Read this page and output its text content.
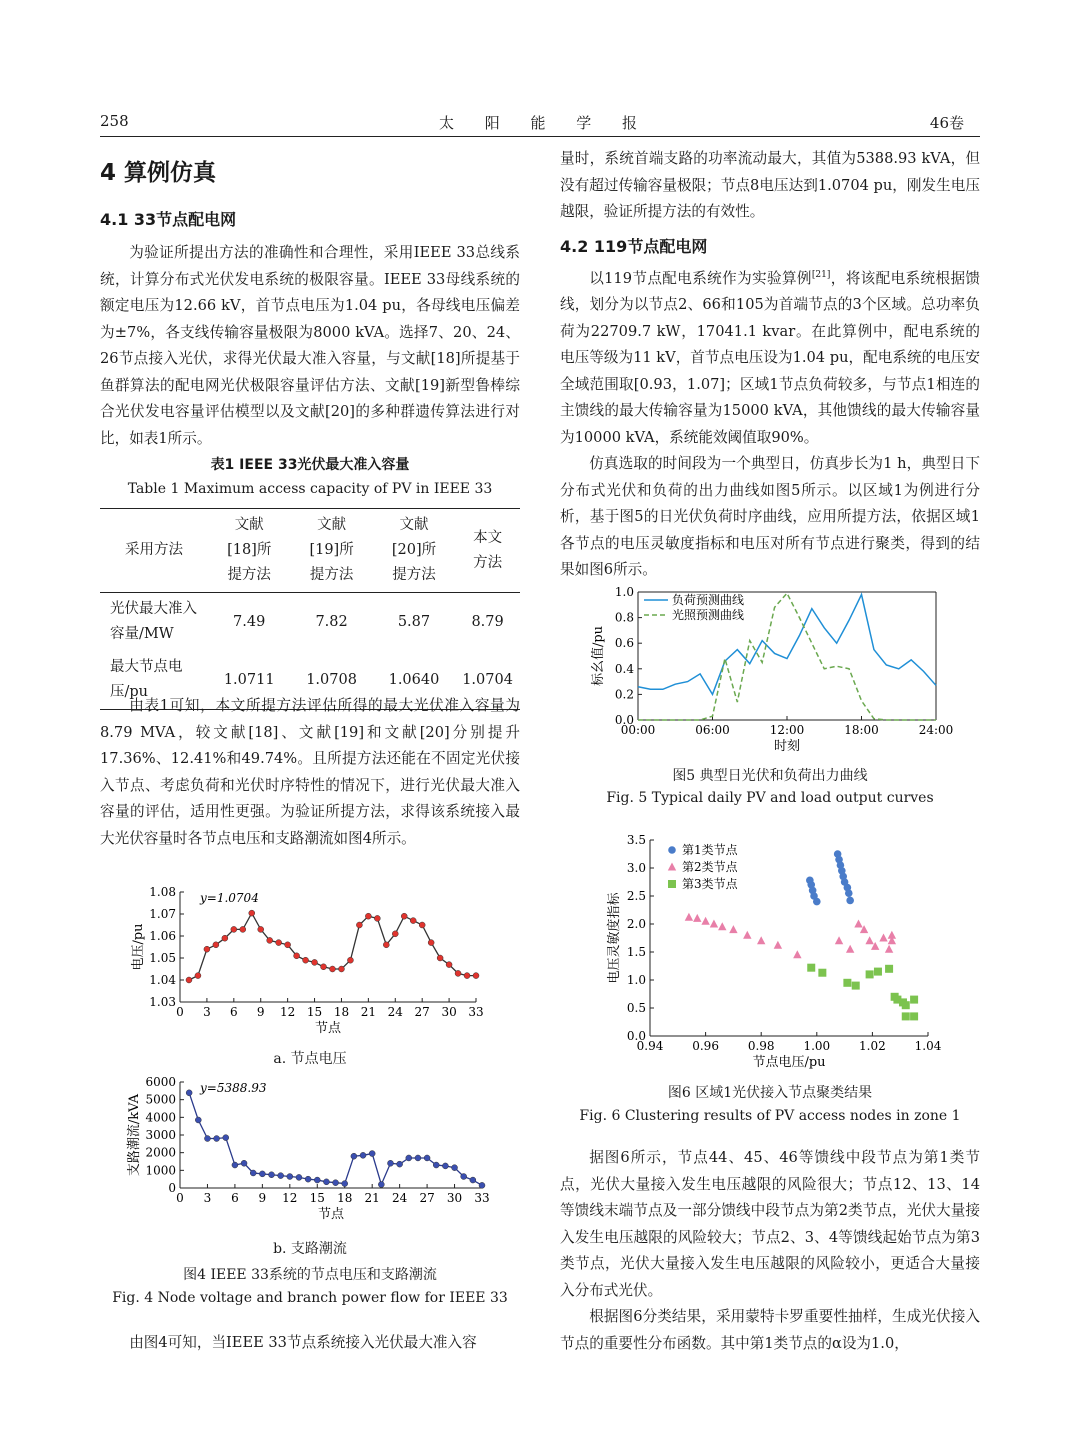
258	太 阳 能 学 报	46卷
4 算例仿真
4.1 33节点配电网

为验证所提出方法的准确性和合理性，采用IEEE 33总线系统，计算分布式光伏发电系统的极限容量。IEEE 33母线系统的额定电压为12.66 kV，首节点电压为1.04 pu，各母线电压偏差为±7%，各支线传输容量极限为8000 kVA。选择7、20、24、26节点接入光伏，求得光伏最大准入容量，与文献[18]所提基于鱼群算法的配电网光伏极限容量评估方法、文献[19]新型鲁棒综合光伏发电容量评估模型以及文献[20]的多种群遗传算法进行对比，如表1所示。

表1 IEEE 33光伏最大准入容量
Table 1 Maximum access capacity of PV in IEEE 33
采用方法	文献[18]所提方法	文献[19]所提方法	文献[20]所提方法	本文方法
光伏最大准入容量/MW	7.49	7.82	5.87	8.79
最大节点电压/pu	1.0711	1.0708	1.0640	1.0704

由表1可知，本文所提方法评估所得的最大光伏准入容量为8.79 MVA，较文献[18]、文献[19]和文献[20]分别提升17.36%、12.41%和49.74%。且所提方法还能在不固定光伏接入节点、考虑负荷和光伏时序特性的情况下，进行光伏最大准入容量的评估，适用性更强。为验证所提方法，求得该系统接入最大光伏容量时各节点电压和支路潮流如图4所示。

0 3 6 9 12 15 18 21 24 27 30 33
1.03
1.04
1.05
1.06
1.07
1.08
节点
电压/pu
y=1.0704
a. 节点电压
0 3 6 9 12 15 18 21 24 27 30 33
0
1000
2000
3000
4000
5000
6000
节点
支路潮流/kVA
y=5388.93
b. 支路潮流
图4 IEEE 33系统的节点电压和支路潮流
Fig. 4 Node voltage and branch power flow for IEEE 33

由图4可知，当IEEE 33节点系统接入光伏最大准入容

量时，系统首端支路的功率流动最大，其值为5388.93 kVA，但没有超过传输容量极限；节点8电压达到1.0704 pu，刚发生电压越限，验证所提方法的有效性。

4.2 119节点配电网

以119节点配电系统作为实验算例[21]，将该配电系统根据馈线，划分为以节点2、66和105为首端节点的3个区域。总功率负荷为22709.7 kW，17041.1 kvar。在此算例中，配电系统的电压等级为11 kV，首节点电压设为1.04 pu，配电系统的电压安全域范围取[0.93，1.07]；区域1节点负荷较多，与节点1相连的主馈线的最大传输容量为15000 kVA，其他馈线的最大传输容量为10000 kVA，系统能效阈值取90%。

仿真选取的时间段为一个典型日，仿真步长为1 h，典型日下分布式光伏和负荷的出力曲线如图5所示。以区域1为例进行分析，基于图5的日光伏负荷时序曲线，应用所提方法，依据区域1各节点的电压灵敏度指标和电压对所有节点进行聚类，得到的结果如图6所示。

00:00	06:00	12:00	18:00	24:00
0.0
0.2
0.4
0.6
0.8
1.0
时刻
标幺值/pu
负荷预测曲线
光照预测曲线
图5 典型日光伏和负荷出力曲线
Fig. 5 Typical daily PV and load output curves
0.94 0.96 0.98 1.00 1.02 1.04
0.0
0.5
1.0
1.5
2.0
2.5
3.0
3.5
节点电压/pu
电压灵敏度指标
第1类节点
第2类节点
第3类节点
图6 区域1光伏接入节点聚类结果
Fig. 6 Clustering results of PV access nodes in zone 1

据图6所示，节点44、45、46等馈线中段节点为第1类节点，光伏大量接入发生电压越限的风险很大；节点12、13、14等馈线末端节点及一部分馈线中段节点为第2类节点，光伏大量接入发生电压越限的风险较大；节点2、3、4等馈线起始节点为第3类节点，光伏大量接入发生电压越限的风险较小，更适合大量接入分布式光伏。

根据图6分类结果，采用蒙特卡罗重要性抽样，生成光伏接入节点的重要性分布函数。其中第1类节点的α设为1.0，
